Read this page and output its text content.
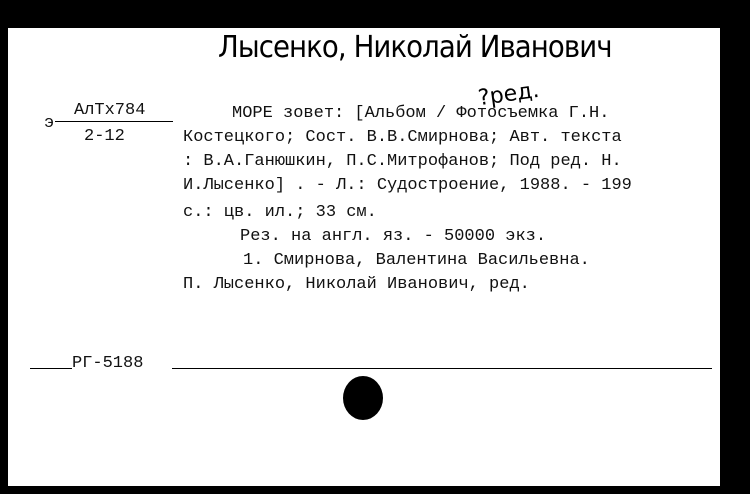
Лысенко, Николай Иванович
?ред.
э
АлТх784
2-12
МОРЕ зовет: [Альбом / Фотосъемка Г.Н.
Костецкого; Сост. В.В.Смирнова; Авт. текста
: В.А.Ганюшкин, П.С.Митрофанов; Под ред. Н.
И.Лысенко] . - Л.: Судостроение, 1988. - 199
с.: цв. ил.; 33 см.
Рез. на англ. яз. - 50000 экз.
1. Смирнова, Валентина Васильевна.
П. Лысенко, Николай Иванович, ред.
РГ-5188
